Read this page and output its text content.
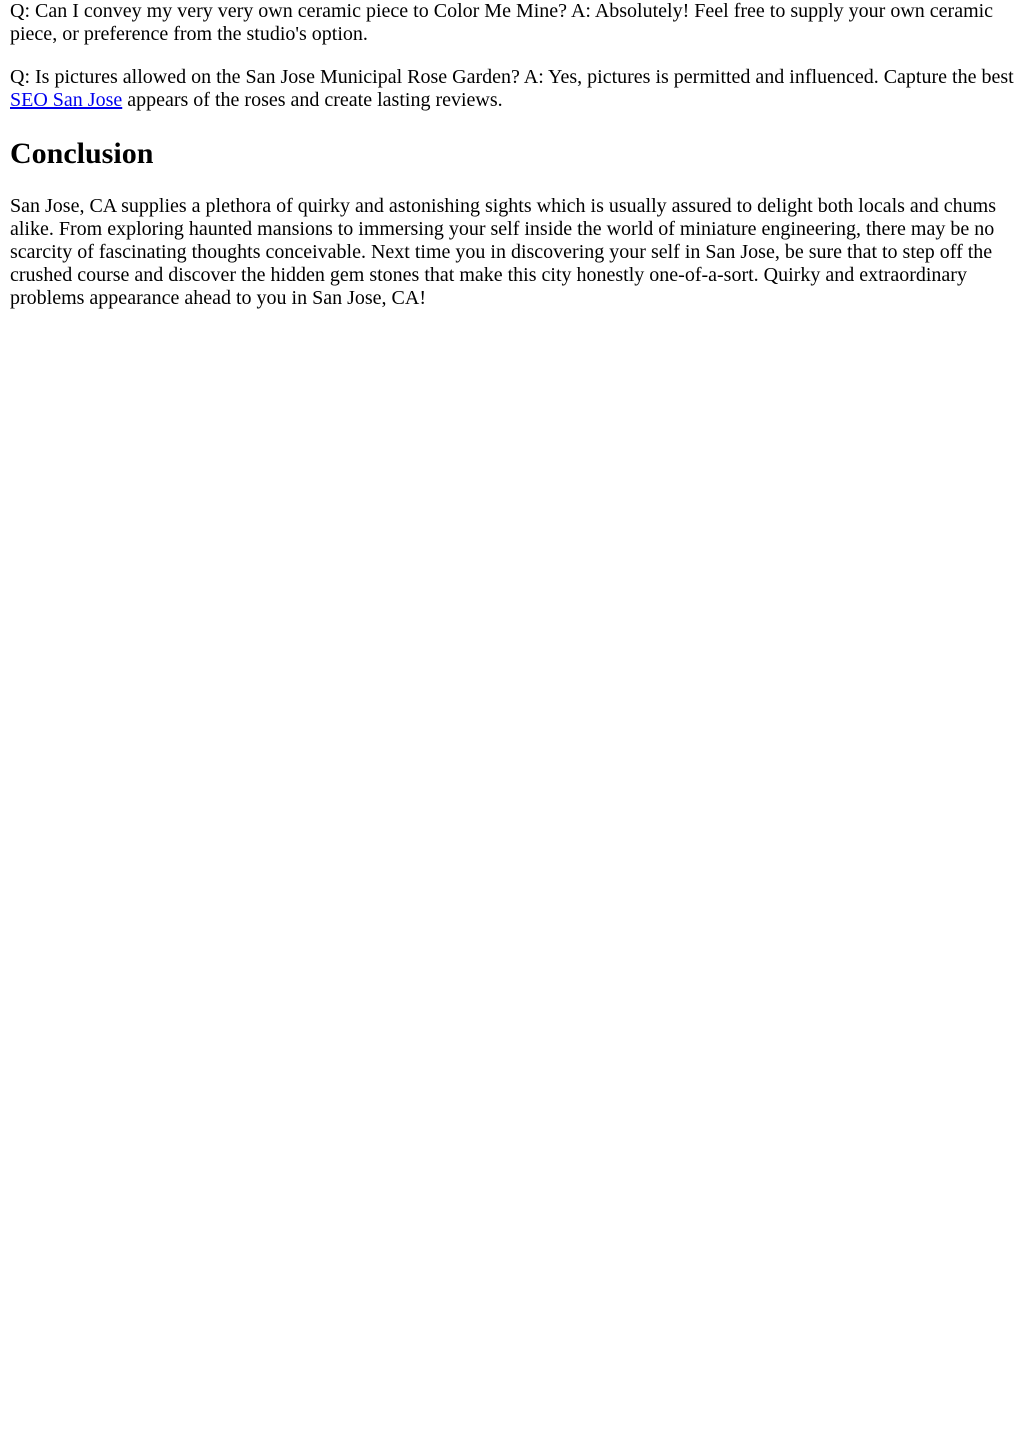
Q: Can I convey my very very own ceramic piece to Color Me Mine? A: Absolutely! Feel free to supply your own ceramic piece, or preference from the studio's option.

Q: Is pictures allowed on the San Jose Municipal Rose Garden? A: Yes, pictures is permitted and influenced. Capture the best SEO San Jose appears of the roses and create lasting reviews.

Conclusion

San Jose, CA supplies a plethora of quirky and astonishing sights which is usually assured to delight both locals and chums alike. From exploring haunted mansions to immersing your self inside the world of miniature engineering, there may be no scarcity of fascinating thoughts conceivable. Next time you in discovering your self in San Jose, be sure that to step off the crushed course and discover the hidden gem stones that make this city honestly one-of-a-sort. Quirky and extraordinary problems appearance ahead to you in San Jose, CA!
